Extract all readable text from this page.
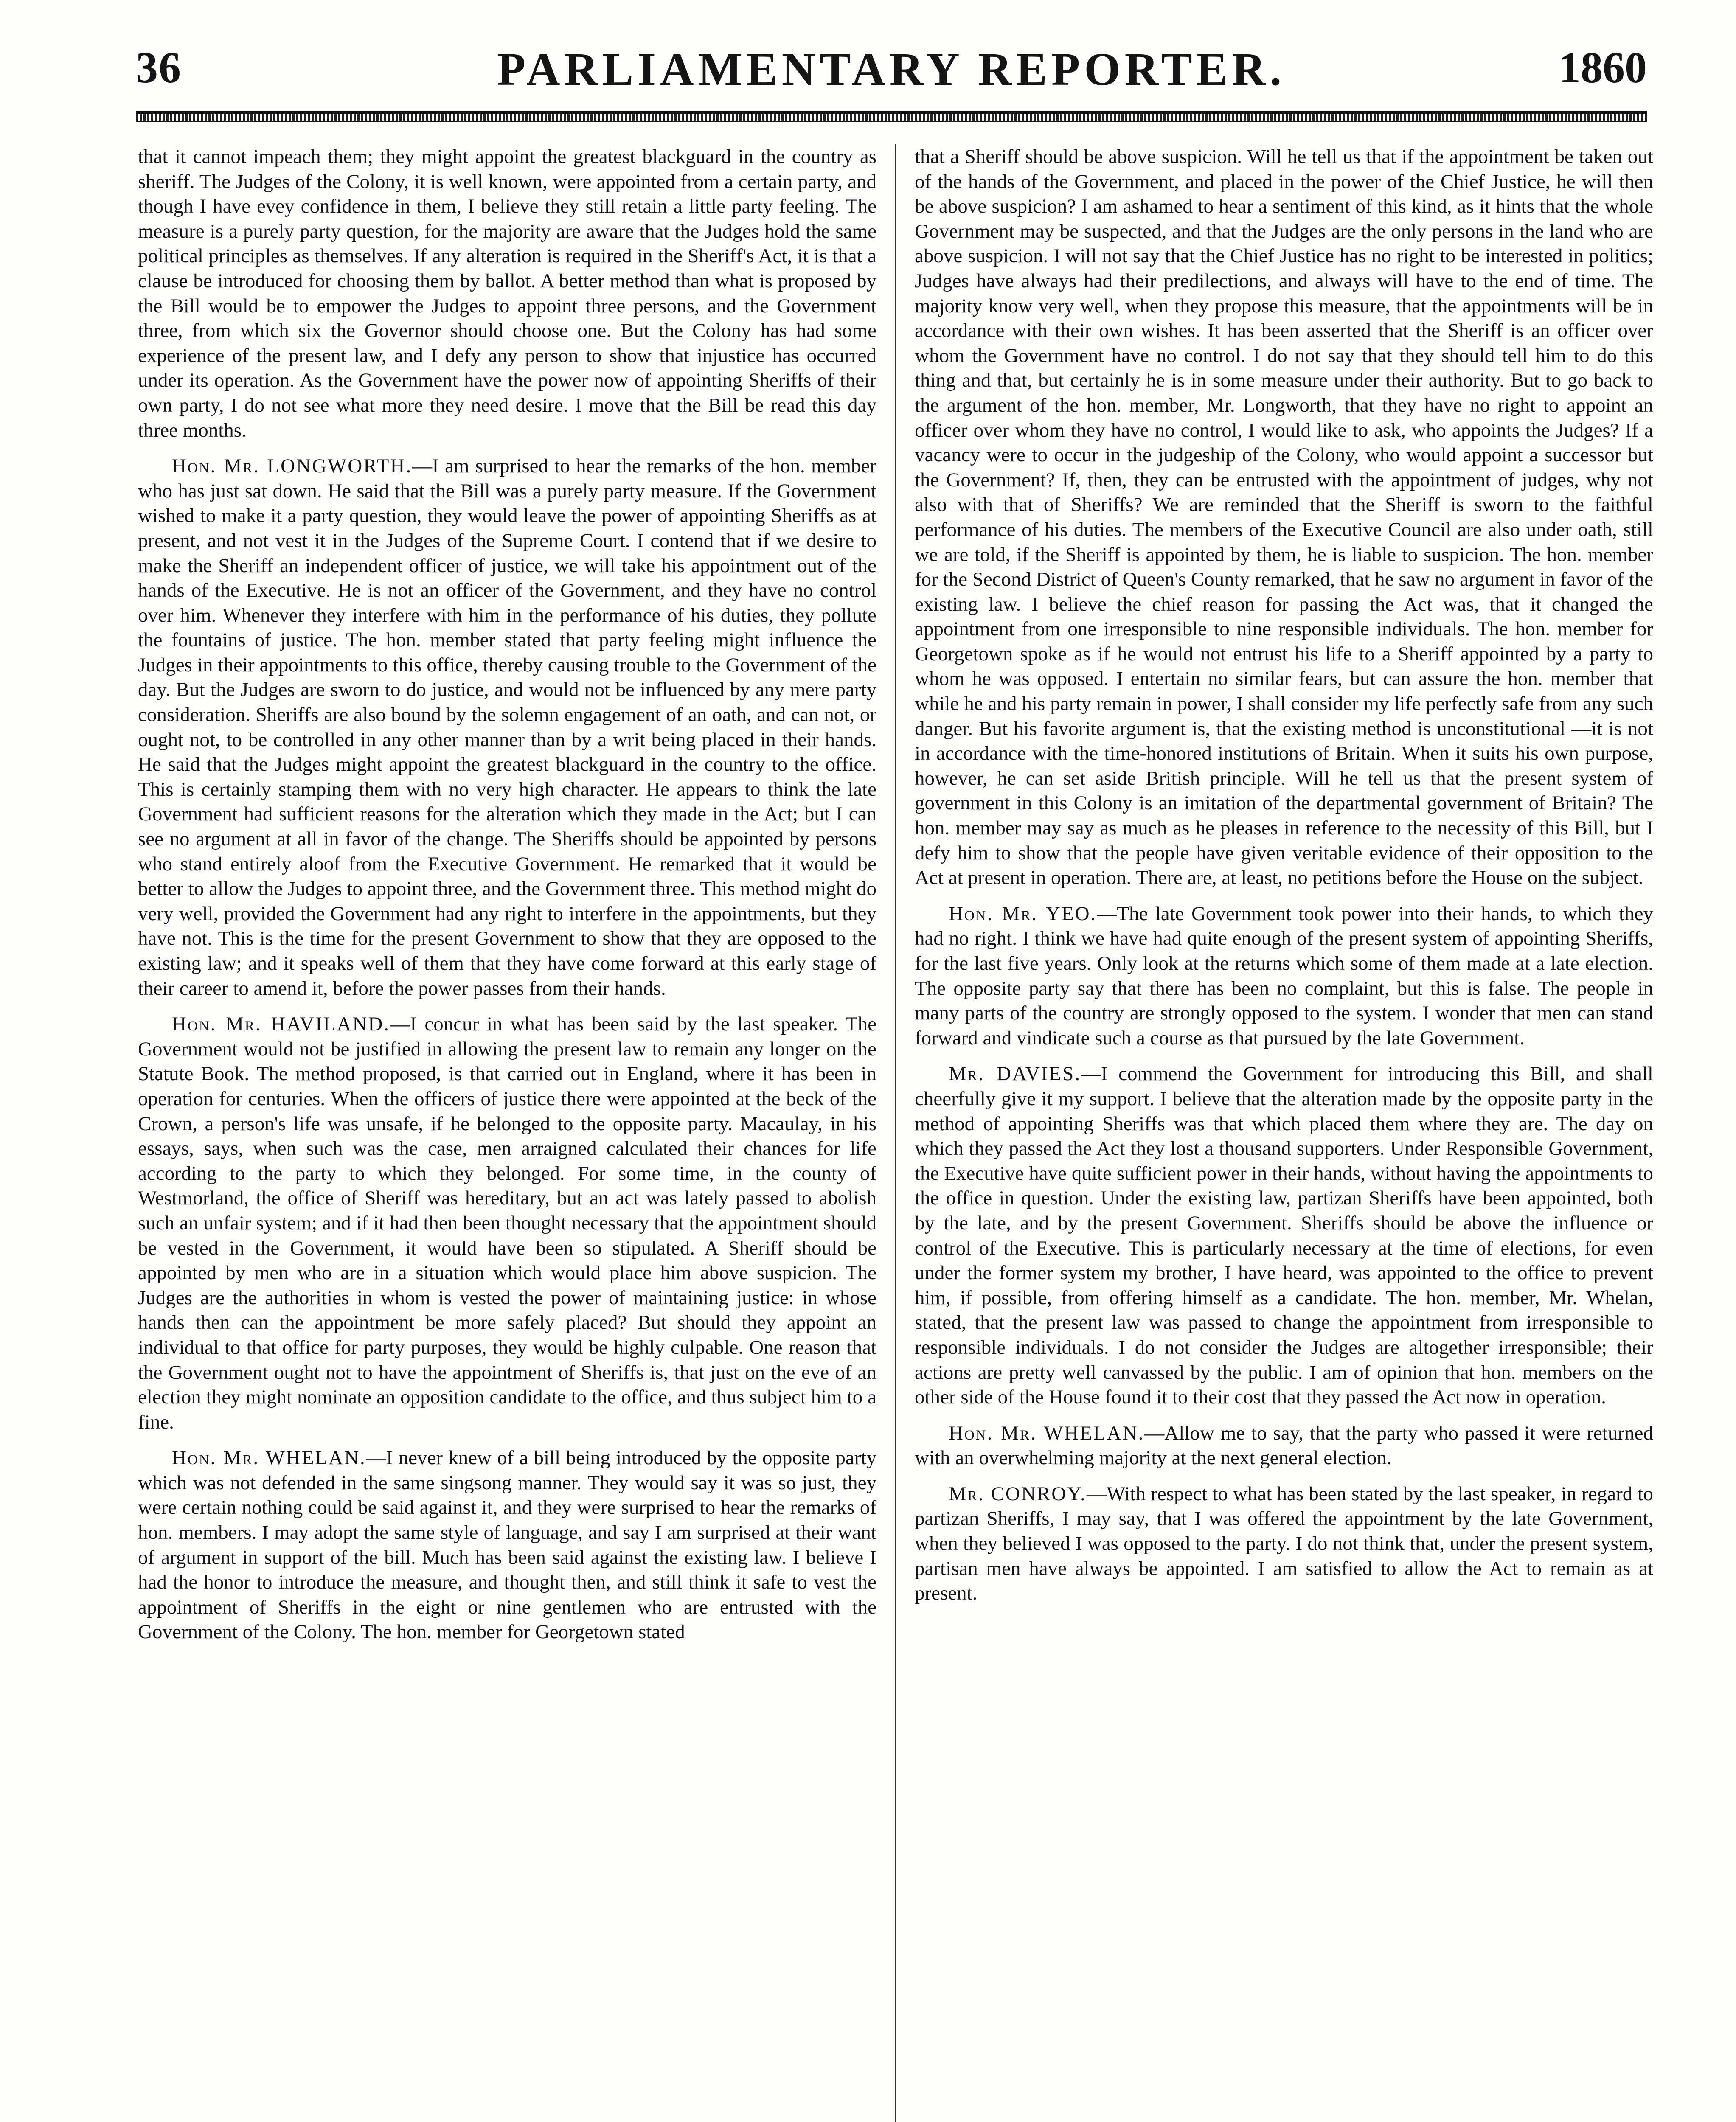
36	PARLIAMENTARY REPORTER.	1860

that it cannot impeach them; they might appoint the greatest blackguard in the country as sheriff. The Judges of the Colony, it is well known, were appointed from a certain party, and though I have evey confidence in them, I believe they still retain a little party feeling. The measure is a purely party question, for the majority are aware that the Judges hold the same political principles as themselves. If any alteration is required in the Sheriff's Act, it is that a clause be introduced for choosing them by ballot. A better method than what is proposed by the Bill would be to empower the Judges to appoint three persons, and the Government three, from which six the Governor should choose one. But the Colony has had some experience of the present law, and I defy any person to show that injustice has occurred under its operation. As the Government have the power now of appointing Sheriffs of their own party, I do not see what more they need desire. I move that the Bill be read this day three months.

Hon. Mr. LONGWORTH.—I am surprised to hear the remarks of the hon. member who has just sat down. He said that the Bill was a purely party measure. If the Government wished to make it a party question, they would leave the power of appointing Sheriffs as at present, and not vest it in the Judges of the Supreme Court. I contend that if we desire to make the Sheriff an independent officer of justice, we will take his appointment out of the hands of the Executive. He is not an officer of the Government, and they have no control over him. Whenever they interfere with him in the performance of his duties, they pollute the fountains of justice. The hon. member stated that party feeling might influence the Judges in their appointments to this office, thereby causing trouble to the Government of the day. But the Judges are sworn to do justice, and would not be influenced by any mere party consideration. Sheriffs are also bound by the solemn engagement of an oath, and can not, or ought not, to be controlled in any other manner than by a writ being placed in their hands. He said that the Judges might appoint the greatest blackguard in the country to the office. This is certainly stamping them with no very high character. He appears to think the late Government had sufficient reasons for the alteration which they made in the Act; but I can see no argument at all in favor of the change. The Sheriffs should be appointed by persons who stand entirely aloof from the Executive Government. He remarked that it would be better to allow the Judges to appoint three, and the Government three. This method might do very well, provided the Government had any right to interfere in the appointments, but they have not. This is the time for the present Government to show that they are opposed to the existing law; and it speaks well of them that they have come forward at this early stage of their career to amend it, before the power passes from their hands.

Hon. Mr. HAVILAND.—I concur in what has been said by the last speaker. The Government would not be justified in allowing the present law to remain any longer on the Statute Book. The method proposed, is that carried out in England, where it has been in operation for centuries. When the officers of justice there were appointed at the beck of the Crown, a person's life was unsafe, if he belonged to the opposite party. Macaulay, in his essays, says, when such was the case, men arraigned calculated their chances for life according to the party to which they belonged. For some time, in the county of Westmorland, the office of Sheriff was hereditary, but an act was lately passed to abolish such an unfair system; and if it had then been thought necessary that the appointment should be vested in the Government, it would have been so stipulated. A Sheriff should be appointed by men who are in a situation which would place him above suspicion. The Judges are the authorities in whom is vested the power of maintaining justice: in whose hands then can the appointment be more safely placed? But should they appoint an individual to that office for party purposes, they would be highly culpable. One reason that the Government ought not to have the appointment of Sheriffs is, that just on the eve of an election they might nominate an opposition candidate to the office, and thus subject him to a fine.

Hon. Mr. WHELAN.—I never knew of a bill being introduced by the opposite party which was not defended in the same singsong manner. They would say it was so just, they were certain nothing could be said against it, and they were surprised to hear the remarks of hon. members. I may adopt the same style of language, and say I am surprised at their want of argument in support of the bill. Much has been said against the existing law. I believe I had the honor to introduce the measure, and thought then, and still think it safe to vest the appointment of Sheriffs in the eight or nine gentlemen who are entrusted with the Government of the Colony. The hon. member for Georgetown stated

that a Sheriff should be above suspicion. Will he tell us that if the appointment be taken out of the hands of the Government, and placed in the power of the Chief Justice, he will then be above suspicion? I am ashamed to hear a sentiment of this kind, as it hints that the whole Government may be suspected, and that the Judges are the only persons in the land who are above suspicion. I will not say that the Chief Justice has no right to be interested in politics; Judges have always had their predilections, and always will have to the end of time. The majority know very well, when they propose this measure, that the appointments will be in accordance with their own wishes. It has been asserted that the Sheriff is an officer over whom the Government have no control. I do not say that they should tell him to do this thing and that, but certainly he is in some measure under their authority. But to go back to the argument of the hon. member, Mr. Longworth, that they have no right to appoint an officer over whom they have no control, I would like to ask, who appoints the Judges? If a vacancy were to occur in the judgeship of the Colony, who would appoint a successor but the Government? If, then, they can be entrusted with the appointment of judges, why not also with that of Sheriffs? We are reminded that the Sheriff is sworn to the faithful performance of his duties. The members of the Executive Council are also under oath, still we are told, if the Sheriff is appointed by them, he is liable to suspicion. The hon. member for the Second District of Queen's County remarked, that he saw no argument in favor of the existing law. I believe the chief reason for passing the Act was, that it changed the appointment from one irresponsible to nine responsible individuals. The hon. member for Georgetown spoke as if he would not entrust his life to a Sheriff appointed by a party to whom he was opposed. I entertain no similar fears, but can assure the hon. member that while he and his party remain in power, I shall consider my life perfectly safe from any such danger. But his favorite argument is, that the existing method is unconstitutional —it is not in accordance with the time-honored institutions of Britain. When it suits his own purpose, however, he can set aside British principle. Will he tell us that the present system of government in this Colony is an imitation of the departmental government of Britain? The hon. member may say as much as he pleases in reference to the necessity of this Bill, but I defy him to show that the people have given veritable evidence of their opposition to the Act at present in operation. There are, at least, no petitions before the House on the subject.

Hon. Mr. YEO.—The late Government took power into their hands, to which they had no right. I think we have had quite enough of the present system of appointing Sheriffs, for the last five years. Only look at the returns which some of them made at a late election. The opposite party say that there has been no complaint, but this is false. The people in many parts of the country are strongly opposed to the system. I wonder that men can stand forward and vindicate such a course as that pursued by the late Government.

Mr. DAVIES.—I commend the Government for introducing this Bill, and shall cheerfully give it my support. I believe that the alteration made by the opposite party in the method of appointing Sheriffs was that which placed them where they are. The day on which they passed the Act they lost a thousand supporters. Under Responsible Government, the Executive have quite sufficient power in their hands, without having the appointments to the office in question. Under the existing law, partizan Sheriffs have been appointed, both by the late, and by the present Government. Sheriffs should be above the influence or control of the Executive. This is particularly necessary at the time of elections, for even under the former system my brother, I have heard, was appointed to the office to prevent him, if possible, from offering himself as a candidate. The hon. member, Mr. Whelan, stated, that the present law was passed to change the appointment from irresponsible to responsible individuals. I do not consider the Judges are altogether irresponsible; their actions are pretty well canvassed by the public. I am of opinion that hon. members on the other side of the House found it to their cost that they passed the Act now in operation.

Hon. Mr. WHELAN.—Allow me to say, that the party who passed it were returned with an overwhelming majority at the next general election.

Mr. CONROY.—With respect to what has been stated by the last speaker, in regard to partizan Sheriffs, I may say, that I was offered the appointment by the late Government, when they believed I was opposed to the party. I do not think that, under the present system, partisan men have always be appointed. I am satisfied to allow the Act to remain as at present.
